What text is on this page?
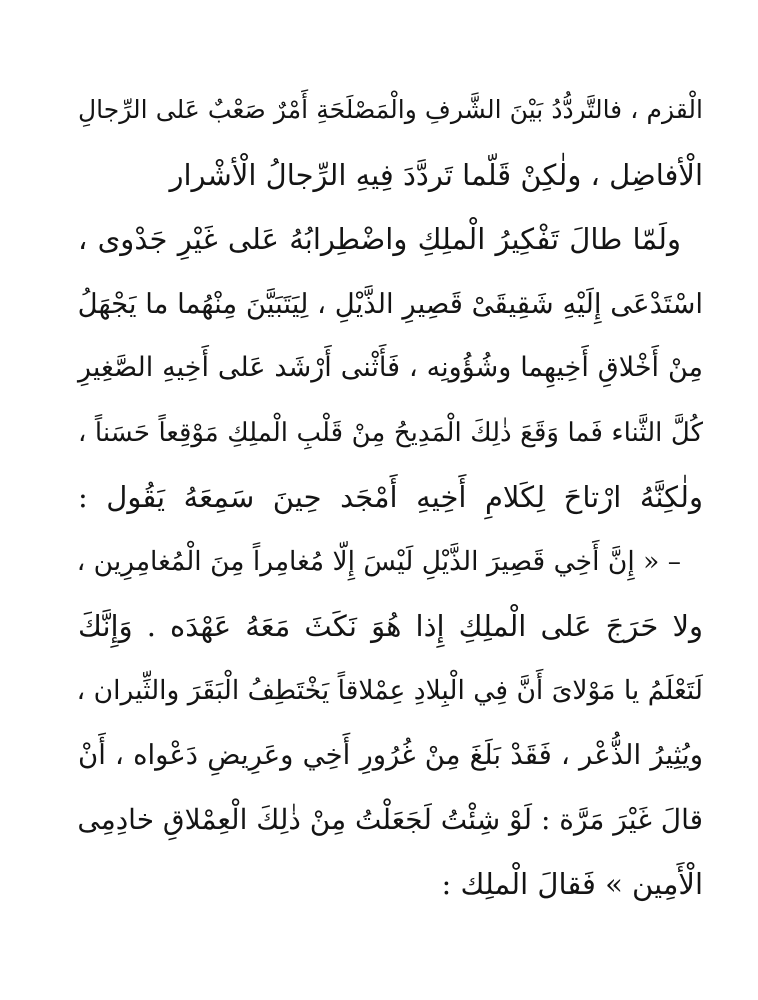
الْقزم ، فالتَّردُّدُ بَيْنَ الشَّرفِ والْمَصْلَحَةِ أَمْرٌ صَعْبٌ عَلى الرِّجالِ
الْأفاضِل ، ولٰكِنْ قَلّما تَردَّدَ فِيهِ الرِّجالُ الْأشْرار
ولَمّا طالَ تَفْكِيرُ الْملِكِ واضْطِرابُهُ عَلى غَيْرِ جَدْوى ،
اسْتَدْعَى إِلَيْهِ شَقِيقَىْ قَصِيرِ الذَّيْلِ ، لِيَتَبَيَّنَ مِنْهُما ما يَجْهَلُ
مِنْ أَخْلاقِ أَخِيهِما وشُؤُونِه ، فَأَثْنى أَرْشَد عَلى أَخِيهِ الصَّغِيرِ
كُلَّ الثَّناء فَما وَقَعَ ذٰلِكَ الْمَدِيحُ مِنْ قَلْبِ الْملِكِ مَوْقِعاً حَسَناً ،
ولٰكِنَّهُ ارْتاحَ لِكَلامِ أَخِيهِ أَمْجَد حِينَ سَمِعَهُ يَقُول :
– « إِنَّ أَخِي قَصِيرَ الذَّيْلِ لَيْسَ إِلّا مُغامِراً مِنَ الْمُغامِرِين ،
ولا حَرَجَ عَلى الْملِكِ إِذا هُوَ نَكَثَ مَعَهُ عَهْدَه . وَإِنَّكَ
لَتَعْلَمُ يا مَوْلاىَ أَنَّ فِي الْبِلادِ عِمْلاقاً يَخْتَطِفُ الْبَقَرَ والثِّيران ،
ويُثِيرُ الذُّعْر ، فَقَدْ بَلَغَ مِنْ غُرُورِ أَخِي وعَرِيضِ دَعْواه ، أَنْ
قالَ غَيْرَ مَرَّة : لَوْ شِئْتُ لَجَعَلْتُ مِنْ ذٰلِكَ الْعِمْلاقِ خادِمِى
الْأَمِين » فَقالَ الْملِك :
